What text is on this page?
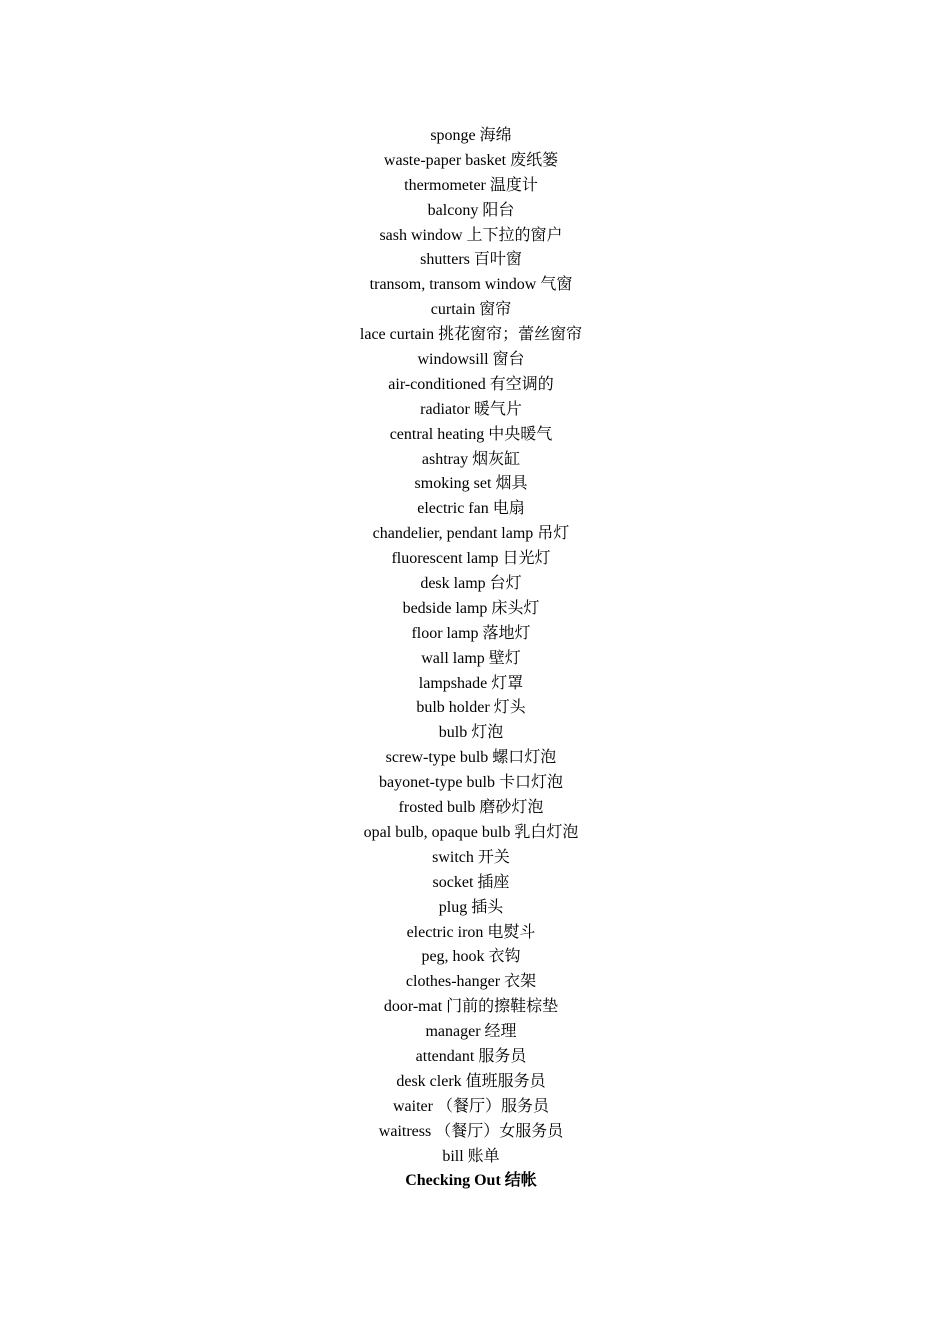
sponge 海绵
waste-paper basket 废纸篓
thermometer 温度计
balcony 阳台
sash window 上下拉的窗户
shutters 百叶窗
transom, transom window 气窗
curtain 窗帘
lace curtain 挑花窗帘；蕾丝窗帘
windowsill 窗台
air-conditioned 有空调的
radiator 暖气片
central heating 中央暖气
ashtray 烟灰缸
smoking set 烟具
electric fan 电扇
chandelier, pendant lamp 吊灯
fluorescent lamp 日光灯
desk lamp 台灯
bedside lamp 床头灯
floor lamp 落地灯
wall lamp 壁灯
lampshade 灯罩
bulb holder 灯头
bulb 灯泡
screw-type bulb 螺口灯泡
bayonet-type bulb 卡口灯泡
frosted bulb 磨砂灯泡
opal bulb, opaque bulb 乳白灯泡
switch 开关
socket 插座
plug 插头
electric iron 电熨斗
peg, hook 衣钩
clothes-hanger 衣架
door-mat 门前的擦鞋棕垫
manager 经理
attendant 服务员
desk clerk 值班服务员
waiter （餐厅）服务员
waitress （餐厅）女服务员
bill 账单
Checking Out 结帐
